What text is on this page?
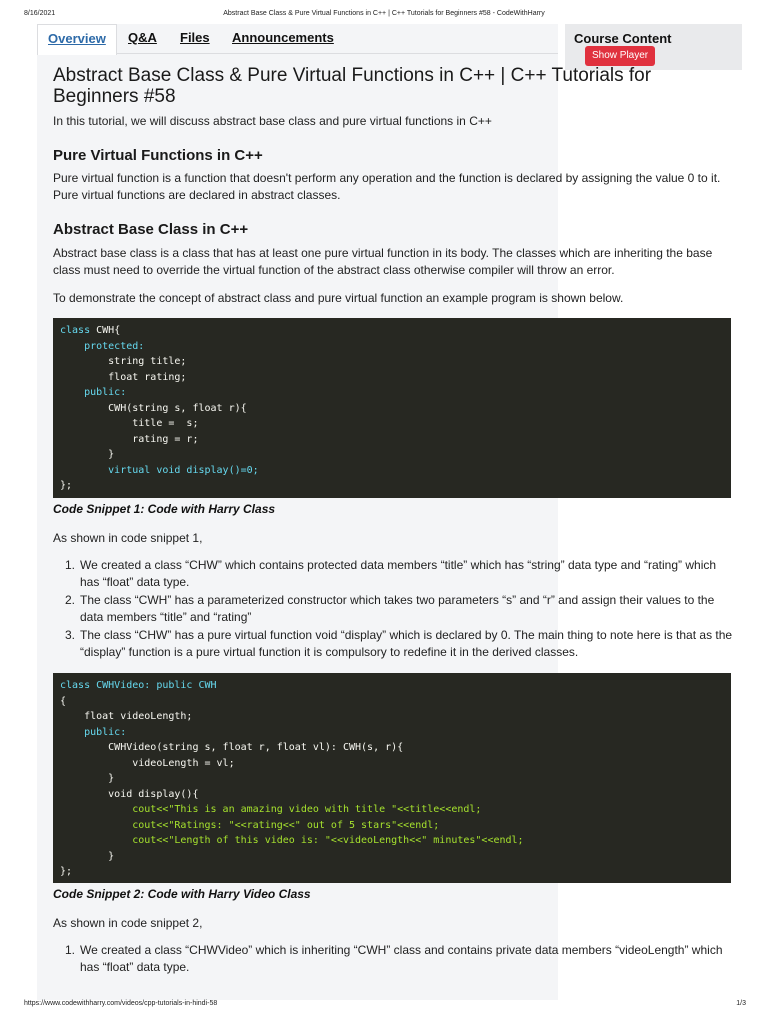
8/16/2021	Abstract Base Class & Pure Virtual Functions in C++ | C++ Tutorials for Beginners #58 - CodeWithHarry
Overview	Q&A Files Announcements	Course Content
Show Player
Abstract Base Class & Pure Virtual Functions in C++ | C++ Tutorials for Beginners #58

In this tutorial, we will discuss abstract base class and pure virtual functions in C++

Pure Virtual Functions in C++

Pure virtual function is a function that doesn't perform any operation and the function is declared by assigning the value 0 to it. Pure virtual functions are declared in abstract classes.

Abstract Base Class in C++

Abstract base class is a class that has at least one pure virtual function in its body. The classes which are inheriting the base class must need to override the virtual function of the abstract class otherwise compiler will throw an error.

To demonstrate the concept of abstract class and pure virtual function an example program is shown below.

class CWH{
protected:
string title;
float rating;
public:
CWH(string s, float r){
title =  s;
rating = r;
}
virtual void display()=0;
};
Code Snippet 1: Code with Harry Class

As shown in code snippet 1,

1. We created a class “CHW” which contains protected data members “title” which has “string” data type and “rating” which has “float” data type.
2. The class “CWH” has a parameterized constructor which takes two parameters “s” and “r” and assign their values to the data members “title” and “rating”
3. The class “CHW” has a pure virtual function void “display” which is declared by 0. The main thing to note here is that as the “display” function is a pure virtual function it is compulsory to redefine it in the derived classes.
class CWHVideo: public CWH
{
float videoLength;
public:
CWHVideo(string s, float r, float vl): CWH(s, r){
videoLength = vl;
}
void display(){
cout<<"This is an amazing video with title "<<title<<endl;
cout<<"Ratings: "<<rating<<" out of 5 stars"<<endl;
cout<<"Length of this video is: "<<videoLength<<" minutes"<<endl;
}
};
Code Snippet 2: Code with Harry Video Class

As shown in code snippet 2,

1. We created a class “CHWVideo” which is inheriting “CWH” class and contains private data members “videoLength” which has “float” data type.
https://www.codewithharry.com/videos/cpp-tutorials-in-hindi-58	1/3
